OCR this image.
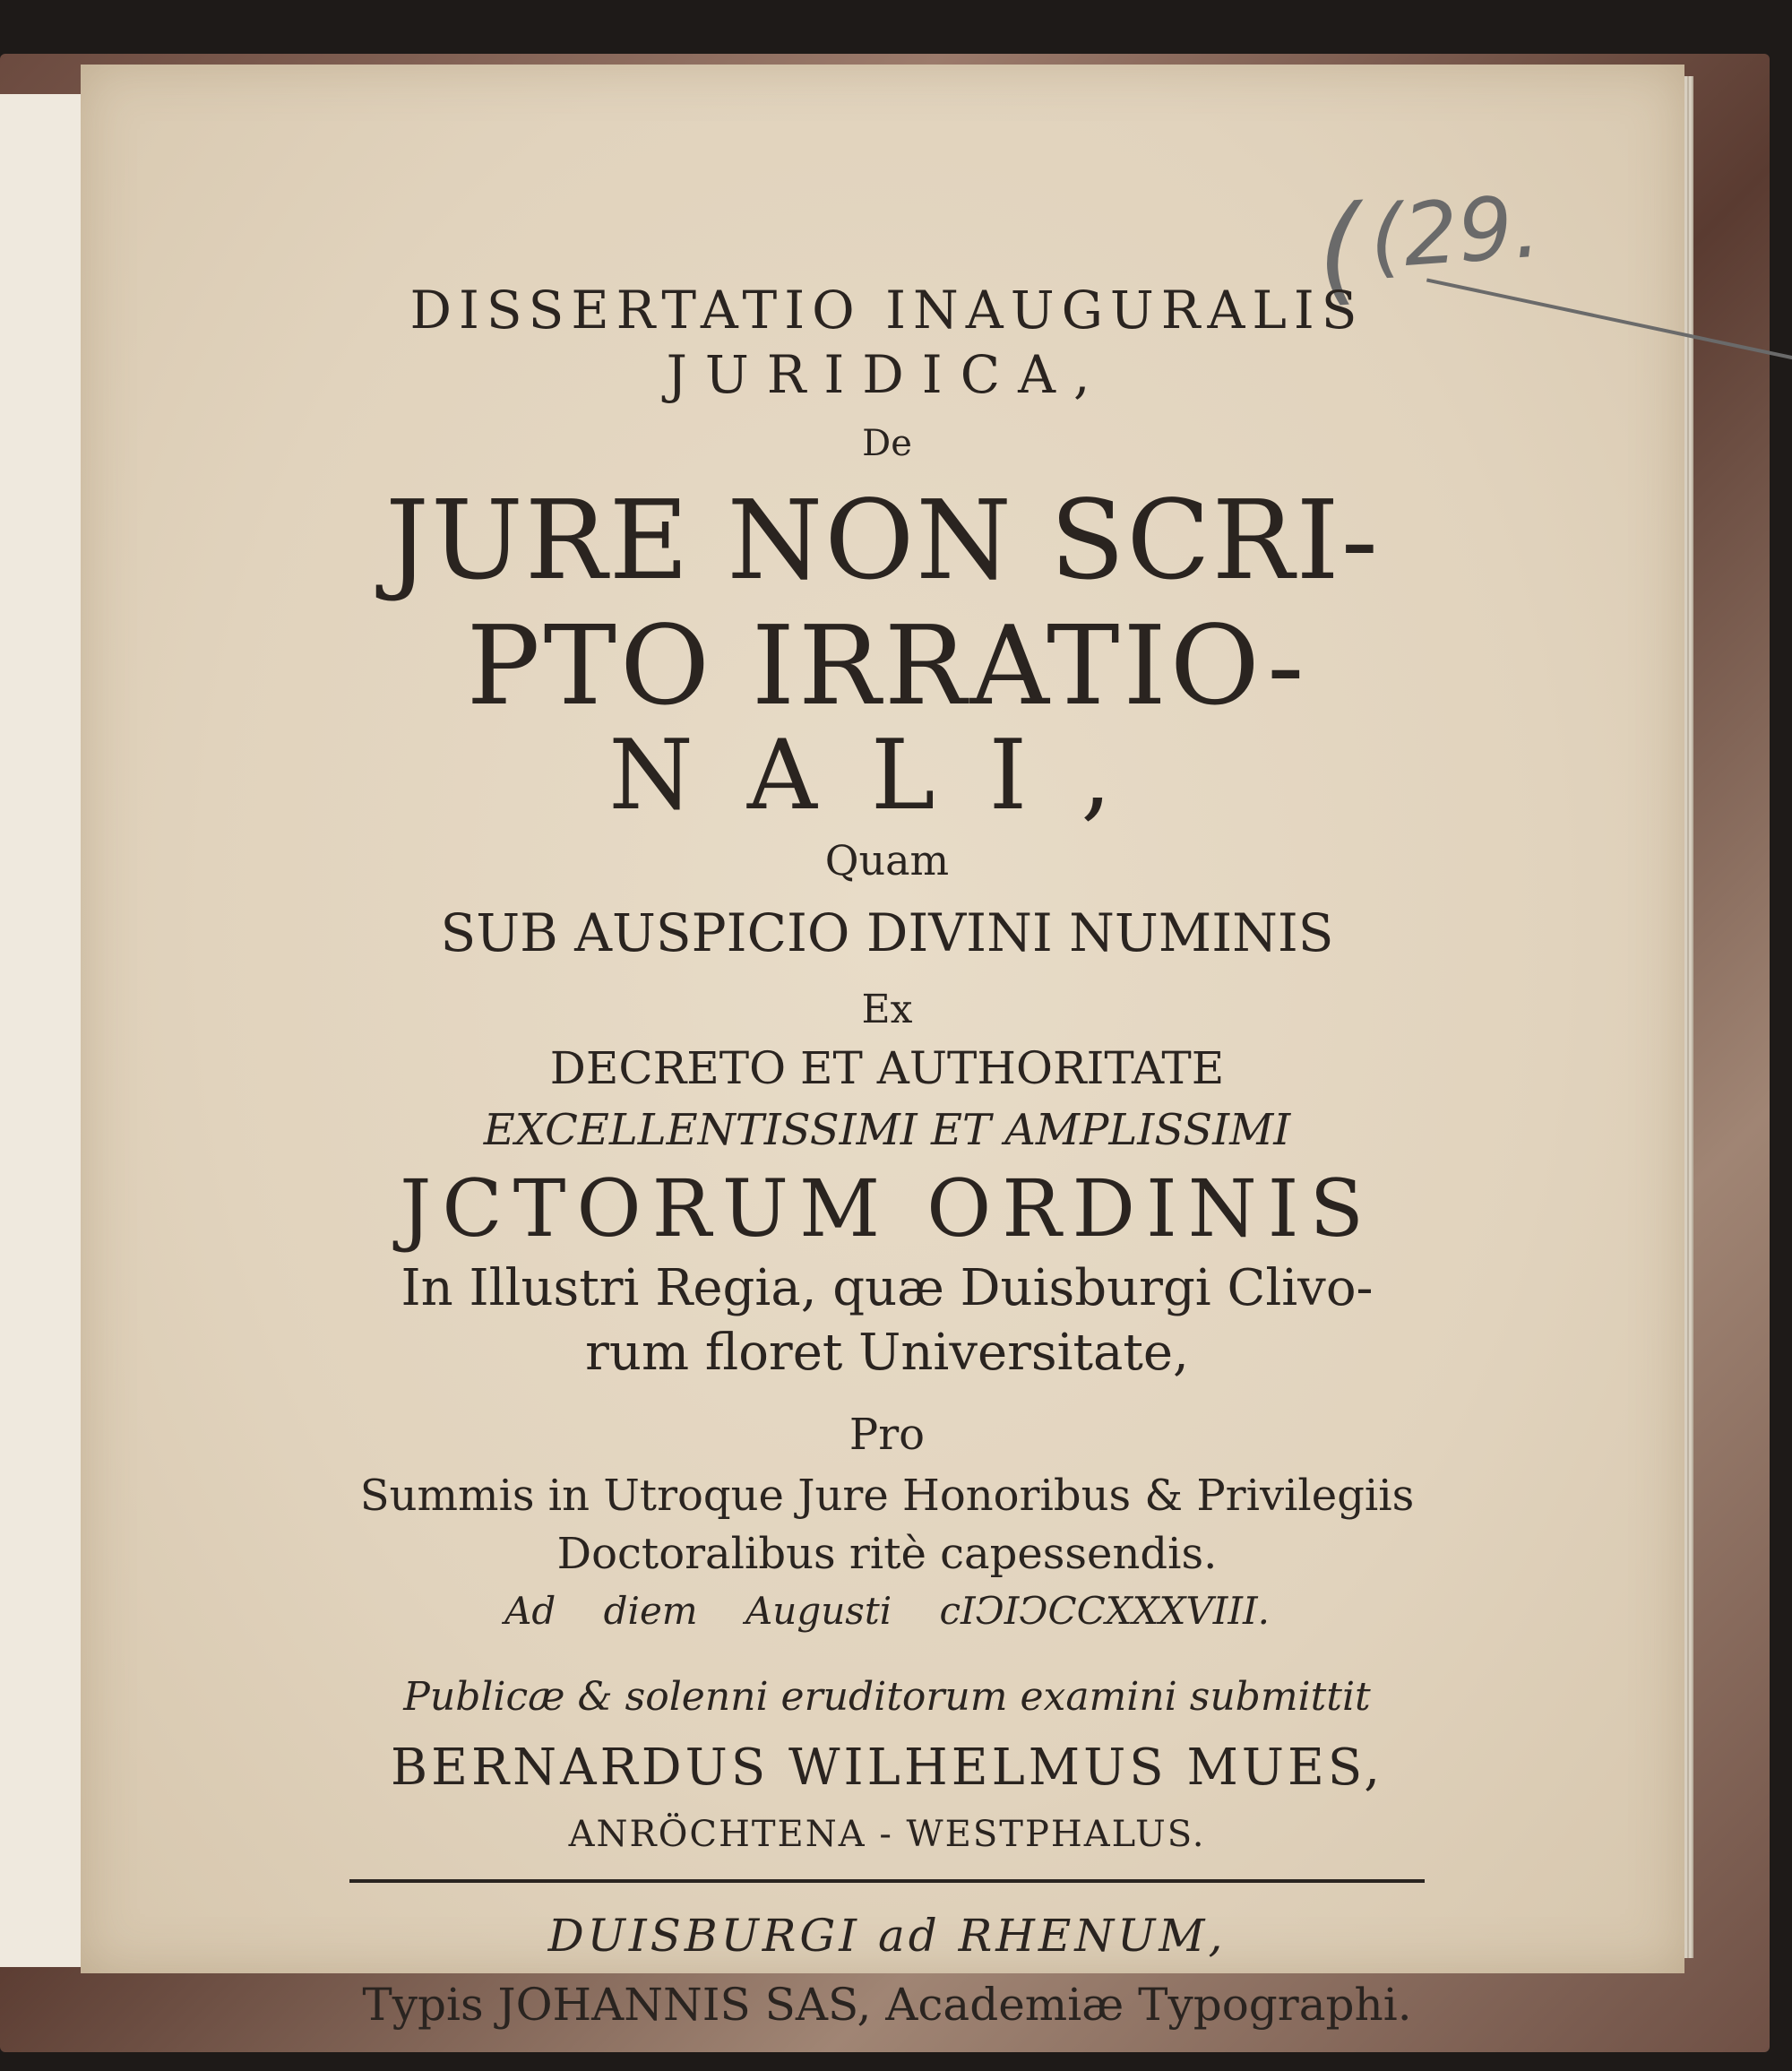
( (29.
DISSERTATIO INAUGURALIS
JURIDICA,
De
JURE NON SCRI-
PTO IRRATIO-
NALI,
Quam
SUB AUSPICIO DIVINI NUMINIS
Ex
DECRETO ET AUTHORITATE
EXCELLENTISSIMI ET AMPLISSIMI
JCTORUM ORDINIS
In Illustri Regia, quæ Duisburgi Clivo-
rum floret Universitate,
Pro
Summis in Utroque Jure Honoribus & Privilegiis
Doctoralibus ritè capessendis.
Ad diem Augusti cIↃIↃCCXXXVIII.
Publicæ & solenni eruditorum examini submittit
BERNARDUS WILHELMUS MUES,
ANRÖCHTENA - WESTPHALUS.
DUISBURGI ad RHENUM,
Typis JOHANNIS SAS, Academiæ Typographi.
